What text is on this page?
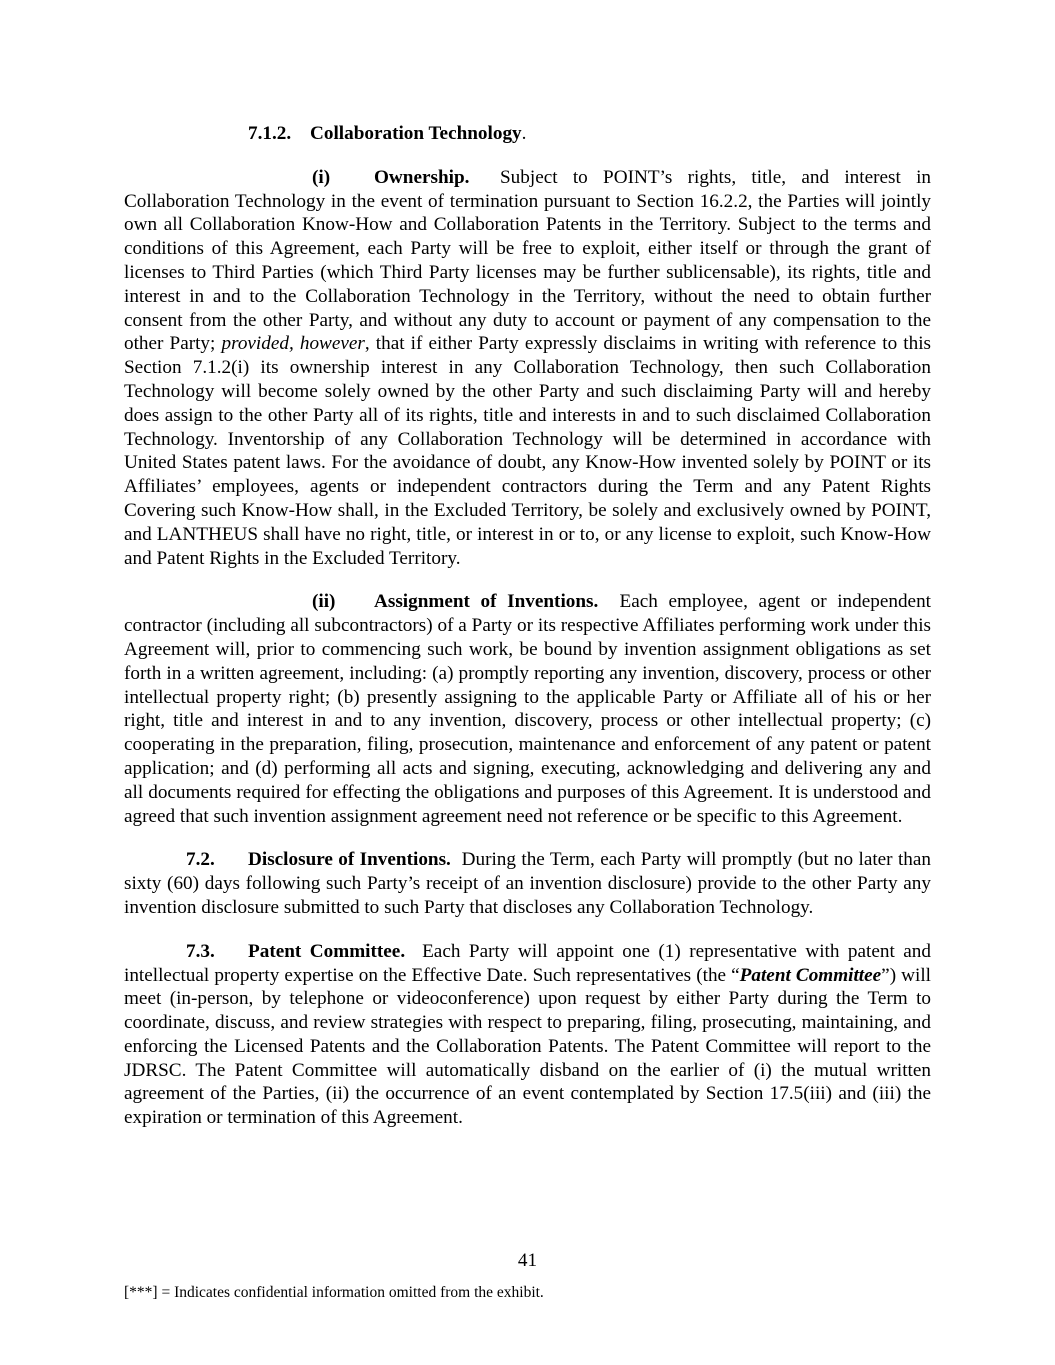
7.1.2. Collaboration Technology.

(i) Ownership. Subject to POINT’s rights, title, and interest in Collaboration Technology in the event of termination pursuant to Section 16.2.2, the Parties will jointly own all Collaboration Know-How and Collaboration Patents in the Territory. Subject to the terms and conditions of this Agreement, each Party will be free to exploit, either itself or through the grant of licenses to Third Parties (which Third Party licenses may be further sublicensable), its rights, title and interest in and to the Collaboration Technology in the Territory, without the need to obtain further consent from the other Party, and without any duty to account or payment of any compensation to the other Party; provided, however, that if either Party expressly disclaims in writing with reference to this Section 7.1.2(i) its ownership interest in any Collaboration Technology, then such Collaboration Technology will become solely owned by the other Party and such disclaiming Party will and hereby does assign to the other Party all of its rights, title and interests in and to such disclaimed Collaboration Technology. Inventorship of any Collaboration Technology will be determined in accordance with United States patent laws. For the avoidance of doubt, any Know-How invented solely by POINT or its Affiliates’ employees, agents or independent contractors during the Term and any Patent Rights Covering such Know-How shall, in the Excluded Territory, be solely and exclusively owned by POINT, and LANTHEUS shall have no right, title, or interest in or to, or any license to exploit, such Know-How and Patent Rights in the Excluded Territory.

(ii) Assignment of Inventions. Each employee, agent or independent contractor (including all subcontractors) of a Party or its respective Affiliates performing work under this Agreement will, prior to commencing such work, be bound by invention assignment obligations as set forth in a written agreement, including: (a) promptly reporting any invention, discovery, process or other intellectual property right; (b) presently assigning to the applicable Party or Affiliate all of his or her right, title and interest in and to any invention, discovery, process or other intellectual property; (c) cooperating in the preparation, filing, prosecution, maintenance and enforcement of any patent or patent application; and (d) performing all acts and signing, executing, acknowledging and delivering any and all documents required for effecting the obligations and purposes of this Agreement. It is understood and agreed that such invention assignment agreement need not reference or be specific to this Agreement.

7.2. Disclosure of Inventions. During the Term, each Party will promptly (but no later than sixty (60) days following such Party’s receipt of an invention disclosure) provide to the other Party any invention disclosure submitted to such Party that discloses any Collaboration Technology.

7.3. Patent Committee. Each Party will appoint one (1) representative with patent and intellectual property expertise on the Effective Date. Such representatives (the “Patent Committee”) will meet (in-person, by telephone or videoconference) upon request by either Party during the Term to coordinate, discuss, and review strategies with respect to preparing, filing, prosecuting, maintaining, and enforcing the Licensed Patents and the Collaboration Patents. The Patent Committee will report to the JDRSC. The Patent Committee will automatically disband on the earlier of (i) the mutual written agreement of the Parties, (ii) the occurrence of an event contemplated by Section 17.5(iii) and (iii) the expiration or termination of this Agreement.

41
[***] = Indicates confidential information omitted from the exhibit.
